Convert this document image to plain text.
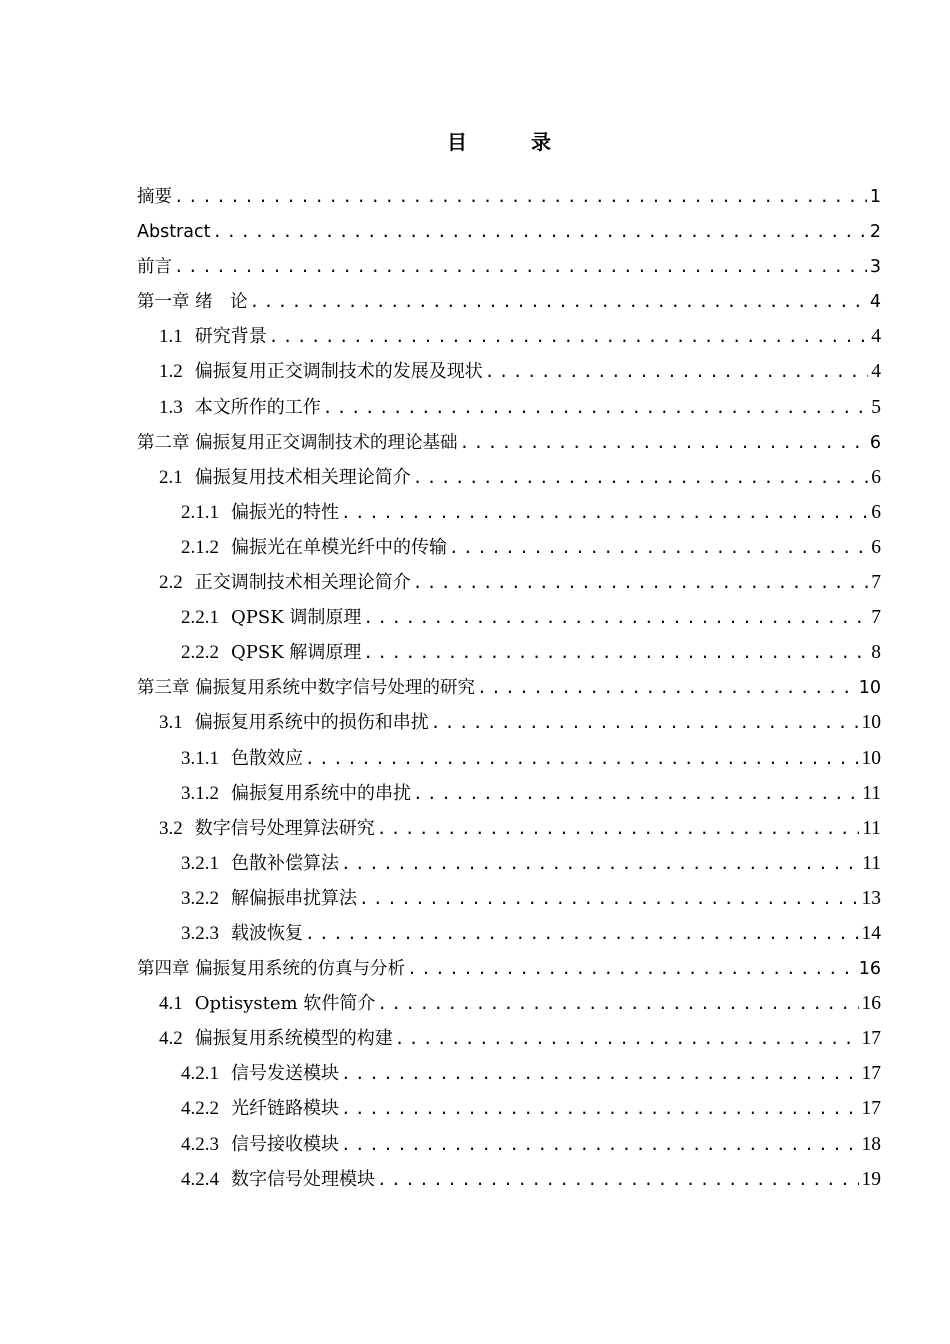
目　录
摘要 .....	1
Abstract .....	2
前言 .....	3
第一章 绪　论 .....	4
1.1 研究背景 .....	4
1.2 偏振复用正交调制技术的发展及现状 .....	4
1.3 本文所作的工作 .....	5
第二章 偏振复用正交调制技术的理论基础 .....	6
2.1 偏振复用技术相关理论简介 .....	6
2.1.1 偏振光的特性 .....	6
2.1.2 偏振光在单模光纤中的传输 .....	6
2.2 正交调制技术相关理论简介 .....	7
2.2.1 QPSK 调制原理 .....	7
2.2.2 QPSK 解调原理 .....	8
第三章 偏振复用系统中数字信号处理的研究 .....	10
3.1 偏振复用系统中的损伤和串扰 .....	10
3.1.1 色散效应 .....	10
3.1.2 偏振复用系统中的串扰 .....	11
3.2 数字信号处理算法研究 .....	11
3.2.1 色散补偿算法 .....	11
3.2.2 解偏振串扰算法 .....	13
3.2.3 载波恢复 .....	14
第四章 偏振复用系统的仿真与分析 .....	16
4.1 Optisystem 软件简介 .....	16
4.2 偏振复用系统模型的构建 .....	17
4.2.1 信号发送模块 .....	17
4.2.2 光纤链路模块 .....	17
4.2.3 信号接收模块 .....	18
4.2.4 数字信号处理模块 .....	19
